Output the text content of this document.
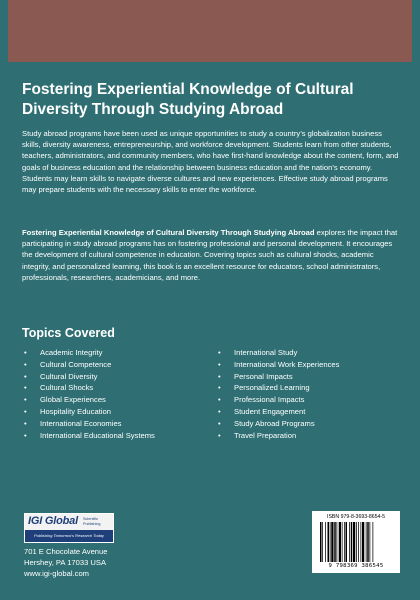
Fostering Experiential Knowledge of Cultural Diversity Through Studying Abroad

Study abroad programs have been used as unique opportunities to study a country’s globalization business skills, diversity awareness, entrepreneurship, and workforce development. Students learn from other students, teachers, administrators, and community members, who have first-hand knowledge about the content, form, and goals of business education and the relationship between business education and the nation’s economy. Students may learn skills to navigate diverse cultures and new experiences. Effective study abroad programs may prepare students with the necessary skills to enter the workforce.

Fostering Experiential Knowledge of Cultural Diversity Through Studying Abroad explores the impact that participating in study abroad programs has on fostering professional and personal development. It encourages the development of cultural competence in education. Covering topics such as cultural shocks, academic integrity, and personalized learning, this book is an excellent resource for educators, school administrators, professionals, researchers, academicians, and more.

Topics Covered
• Academic Integrity
• Cultural Competence
• Cultural Diversity
• Cultural Shocks
• Global Experiences
• Hospitality Education
• International Economies
• International Educational Systems
• International Study
• International Work Experiences
• Personal Impacts
• Personalized Learning
• Professional Impacts
• Student Engagement
• Study Abroad Programs
• Travel Preparation
IGI Global Scientific Publishing
Publishing Tomorrow's Research Today
701 E Chocolate Avenue
Hershey, PA 17033 USA
www.igi-global.com
ISBN 979-8-3693-8654-5
9 798369 386545
